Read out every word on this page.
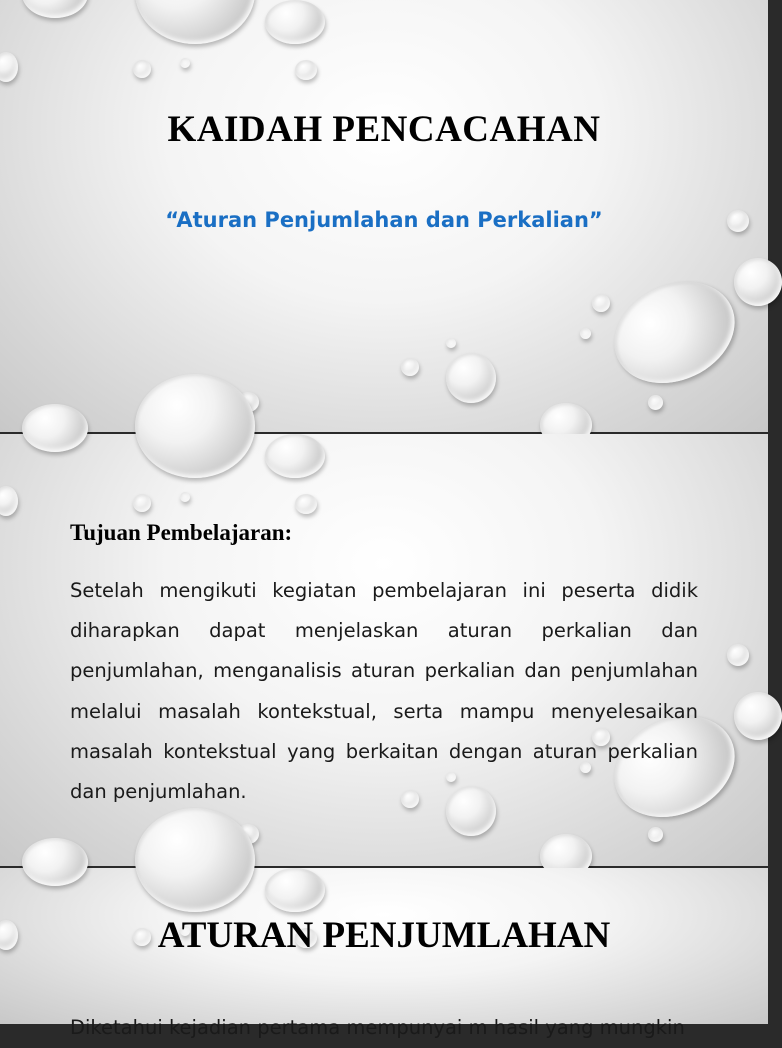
KAIDAH PENCACAHAN

“Aturan Penjumlahan dan Perkalian”

Tujuan Pembelajaran:

Setelah mengikuti kegiatan pembelajaran ini peserta didik diharapkan dapat menjelaskan aturan perkalian dan penjumlahan, menganalisis aturan perkalian dan penjumlahan melalui masalah kontekstual, serta mampu menyelesaikan masalah kontekstual yang berkaitan dengan aturan perkalian dan penjumlahan.

ATURAN PENJUMLAHAN

Diketahui kejadian pertama mempunyai m hasil yang mungkin
